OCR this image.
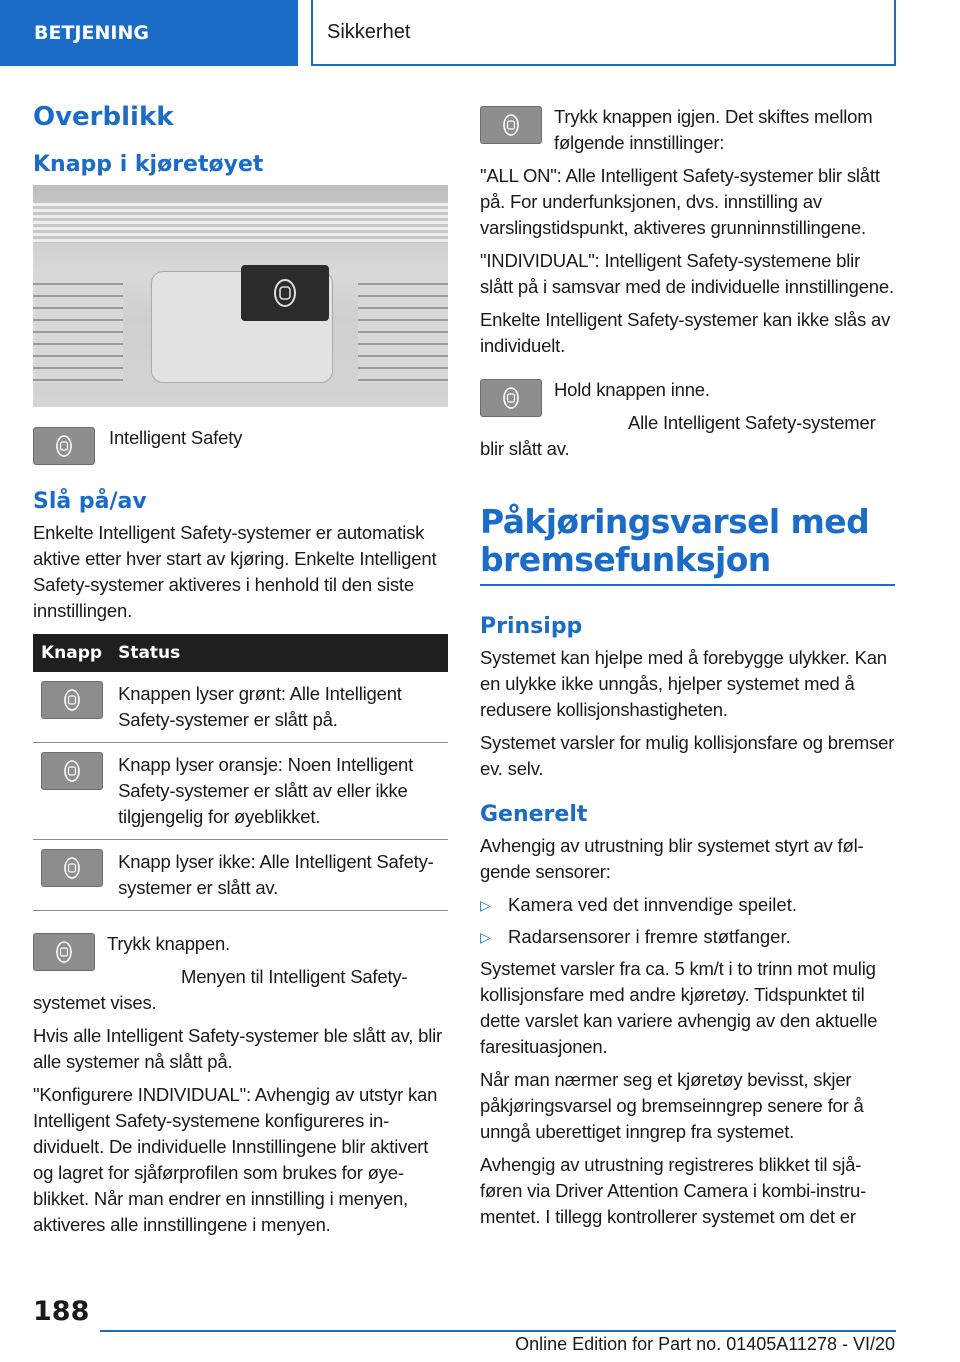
BETJENING	Sikkerhet
Overblikk
Knapp i kjøretøyet

Intelligent Safety

Slå på/av

Enkelte Intelligent Safety-systemer er automatisk aktive etter hver start av kjøring. Enkelte Intelligent Safety-systemer aktiveres i henhold til den siste innstillingen.

Knapp	Status

	Knappen lyser grønt: Alle Intelligent Safety-systemer er slått på.

	Knapp lyser oransje: Noen Intelligent Safety-systemer er slått av eller ikke tilgjengelig for øyeblikket.

	Knapp lyser ikke: Alle Intelligent Safety-systemer er slått av.

Trykk knappen.

Menyen til Intelligent Safety-systemet vises.

Hvis alle Intelligent Safety-systemer ble slått av, blir alle systemer nå slått på.

"Konfigurere INDIVIDUAL": Avhengig av utstyr kan Intelligent Safety-systemene konfigureres individuelt. De individuelle Innstillingene blir aktivert og lagret for sjåførprofilen som brukes for øyeblikket. Når man endrer en innstilling i menyen, aktiveres alle innstillingene i menyen.

Trykk knappen igjen. Det skiftes mellom følgende innstillinger:

"ALL ON": Alle Intelligent Safety-systemer blir slått på. For underfunksjonen, dvs. innstilling av varslingstidspunkt, aktiveres grunninnstillingene.

"INDIVIDUAL": Intelligent Safety-systemene blir slått på i samsvar med de individuelle innstillingene.

Enkelte Intelligent Safety-systemer kan ikke slås av individuelt.

Hold knappen inne.

Alle Intelligent Safety-systemer blir slått av.

Påkjøringsvarsel med bremsefunksjon
Prinsipp

Systemet kan hjelpe med å forebygge ulykker. Kan en ulykke ikke unngås, hjelper systemet med å redusere kollisjonshastigheten.

Systemet varsler for mulig kollisjonsfare og bremser ev. selv.

Generelt

Avhengig av utrustning blir systemet styrt av følgende sensorer:

▷ Kamera ved det innvendige speilet.
▷ Radarsensorer i fremre støtfanger.

Systemet varsler fra ca. 5 km/t i to trinn mot mulig kollisjonsfare med andre kjøretøy. Tidspunktet til dette varslet kan variere avhengig av den aktuelle faresituasjonen.

Når man nærmer seg et kjøretøy bevisst, skjer påkjøringsvarsel og bremseinngrep senere for å unngå uberettiget inngrep fra systemet.

Avhengig av utrustning registreres blikket til sjåføren via Driver Attention Camera i kombi-instrumentet. I tillegg kontrollerer systemet om det er

188
Online Edition for Part no. 01405A11278 - VI/20
